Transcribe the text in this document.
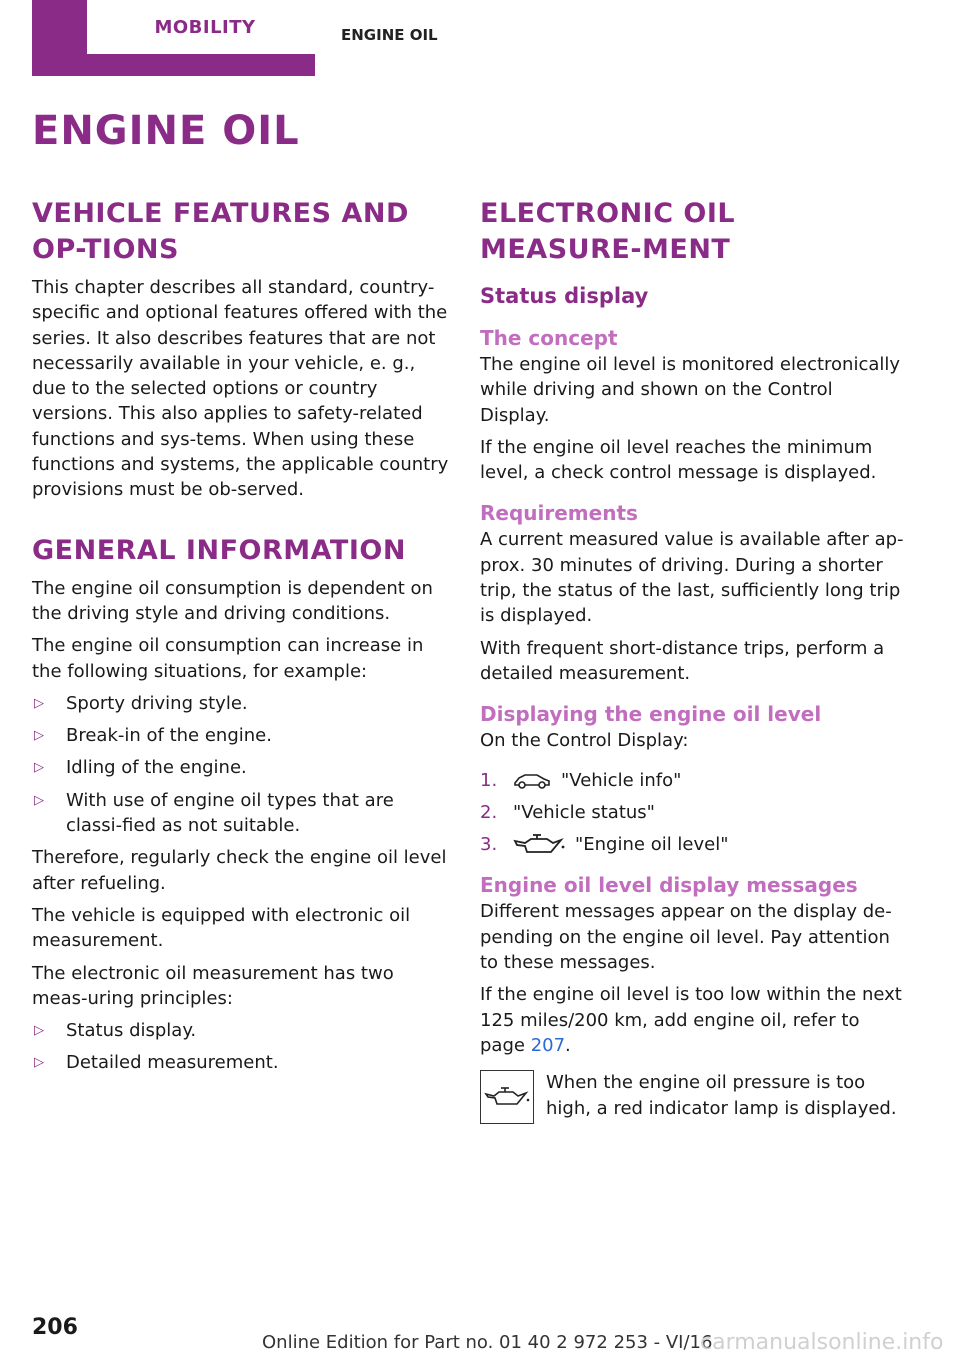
MOBILITY	ENGINE OIL
ENGINE OIL
VEHICLE FEATURES AND OP-TIONS

This chapter describes all standard, country-specific and optional features offered with the series. It also describes features that are not necessarily available in your vehicle, e. g., due to the selected options or country versions. This also applies to safety-related functions and sys-tems. When using these functions and systems, the applicable country provisions must be ob-served.

GENERAL INFORMATION

The engine oil consumption is dependent on the driving style and driving conditions.

The engine oil consumption can increase in the following situations, for example:

▷ Sporty driving style.
▷ Break-in of the engine.
▷ Idling of the engine.
▷ With use of engine oil types that are classi-fied as not suitable.

Therefore, regularly check the engine oil level after refueling.

The vehicle is equipped with electronic oil measurement.

The electronic oil measurement has two meas-uring principles:

▷ Status display.
▷ Detailed measurement.
ELECTRONIC OIL MEASURE-MENT
Status display
The concept

The engine oil level is monitored electronically while driving and shown on the Control Display.

If the engine oil level reaches the minimum level, a check control message is displayed.

Requirements

A current measured value is available after ap-prox. 30 minutes of driving. During a shorter trip, the status of the last, sufficiently long trip is displayed.

With frequent short-distance trips, perform a detailed measurement.

Displaying the engine oil level

On the Control Display:

1.	"Vehicle info"
2. "Vehicle status"
3.	"Engine oil level"
Engine oil level display messages

Different messages appear on the display de-pending on the engine oil level. Pay attention to these messages.

If the engine oil level is too low within the next 125 miles/200 km, add engine oil, refer to page 207.

When the engine oil pressure is too high, a red indicator lamp is displayed.

206
Online Edition for Part no. 01 40 2 972 253 - VI/16
carmanualsonline.info
